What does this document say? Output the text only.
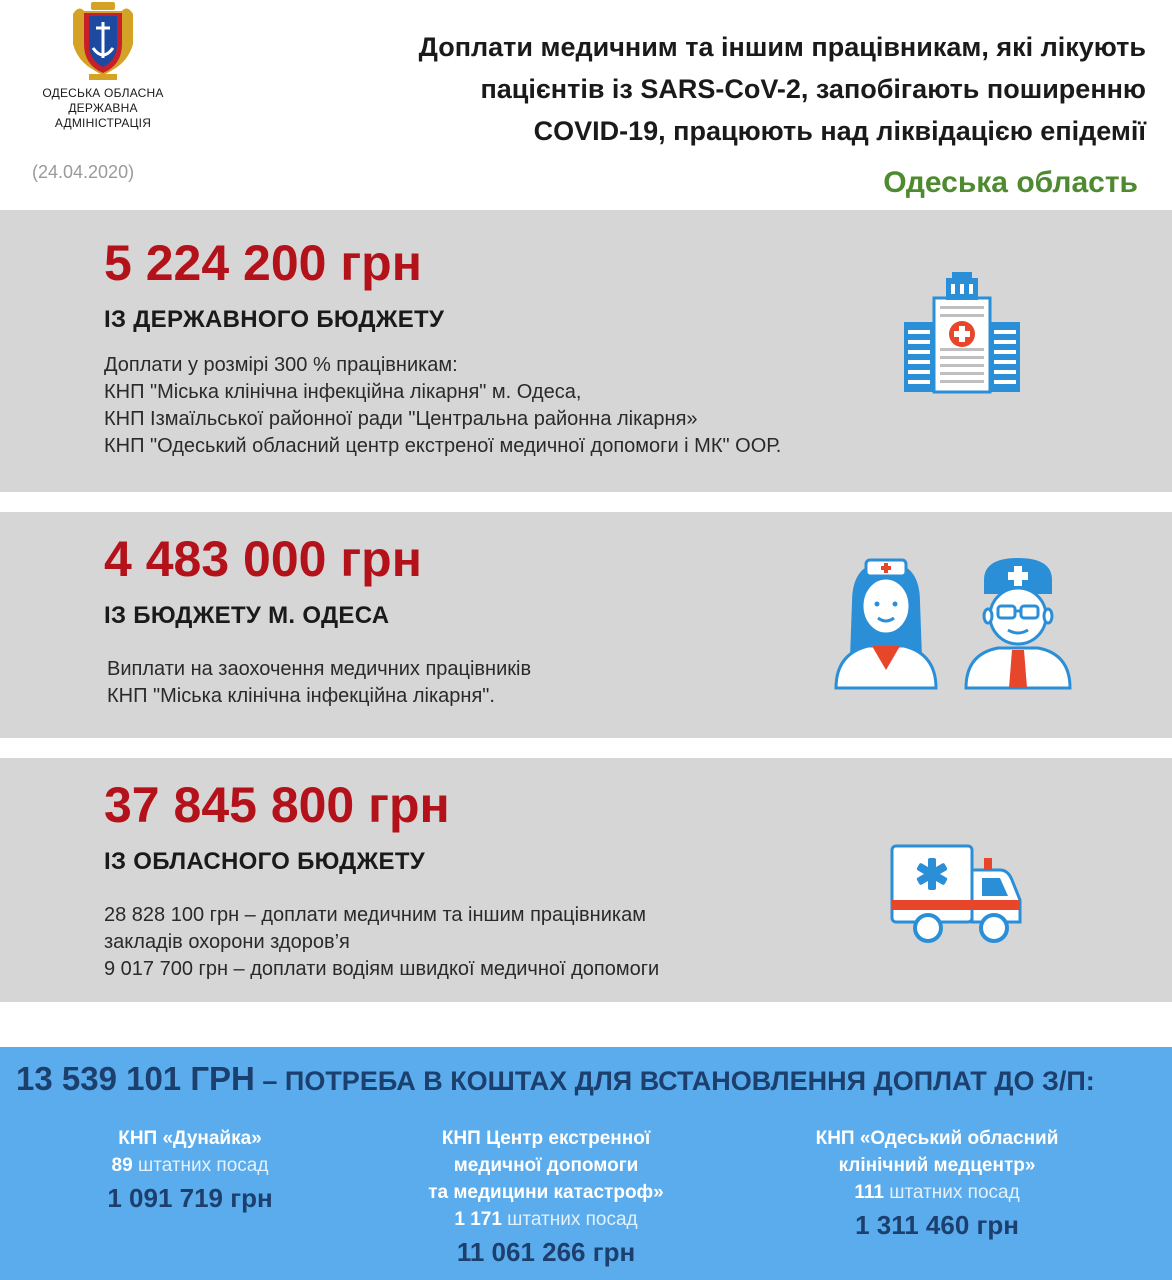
ОДЕСЬКА ОБЛАСНА
ДЕРЖАВНА
АДМІНІСТРАЦІЯ
(24.04.2020)
Доплати медичним та іншим працівникам, які лікують
пацієнтів із SARS-CoV-2, запобігають поширенню
COVID-19, працюють над ліквідацією епідемії
Одеська область
5 224 200 грн
ІЗ ДЕРЖАВНОГО БЮДЖЕТУ
Доплати у розмірі 300 % працівникам:
КНП "Міська клінічна інфекційна лікарня" м. Одеса,
КНП Ізмаїльської районної ради "Центральна районна лікарня»
КНП "Одеський обласний центр екстреної медичної допомоги і МК" ООР.
4 483 000 грн
ІЗ БЮДЖЕТУ М. ОДЕСА
Виплати на заохочення медичних працівників
КНП "Міська клінічна інфекційна лікарня".
37 845 800 грн
ІЗ ОБЛАСНОГО БЮДЖЕТУ
28 828 100 грн – доплати медичним та іншим працівникам
закладів охорони здоров’я
9 017 700 грн – доплати водіям швидкої медичної допомоги
13 539 101 ГРН – ПОТРЕБА В КОШТАХ ДЛЯ ВСТАНОВЛЕННЯ ДОПЛАТ ДО З/П:
КНП «Дунайка»
89 штатних посад
1 091 719 грн
КНП Центр екстренної
медичної допомоги
та медицини катастроф»
1 171 штатних посад
11 061 266 грн
КНП «Одеський обласний
клінічний медцентр»
111 штатних посад
1 311 460 грн
